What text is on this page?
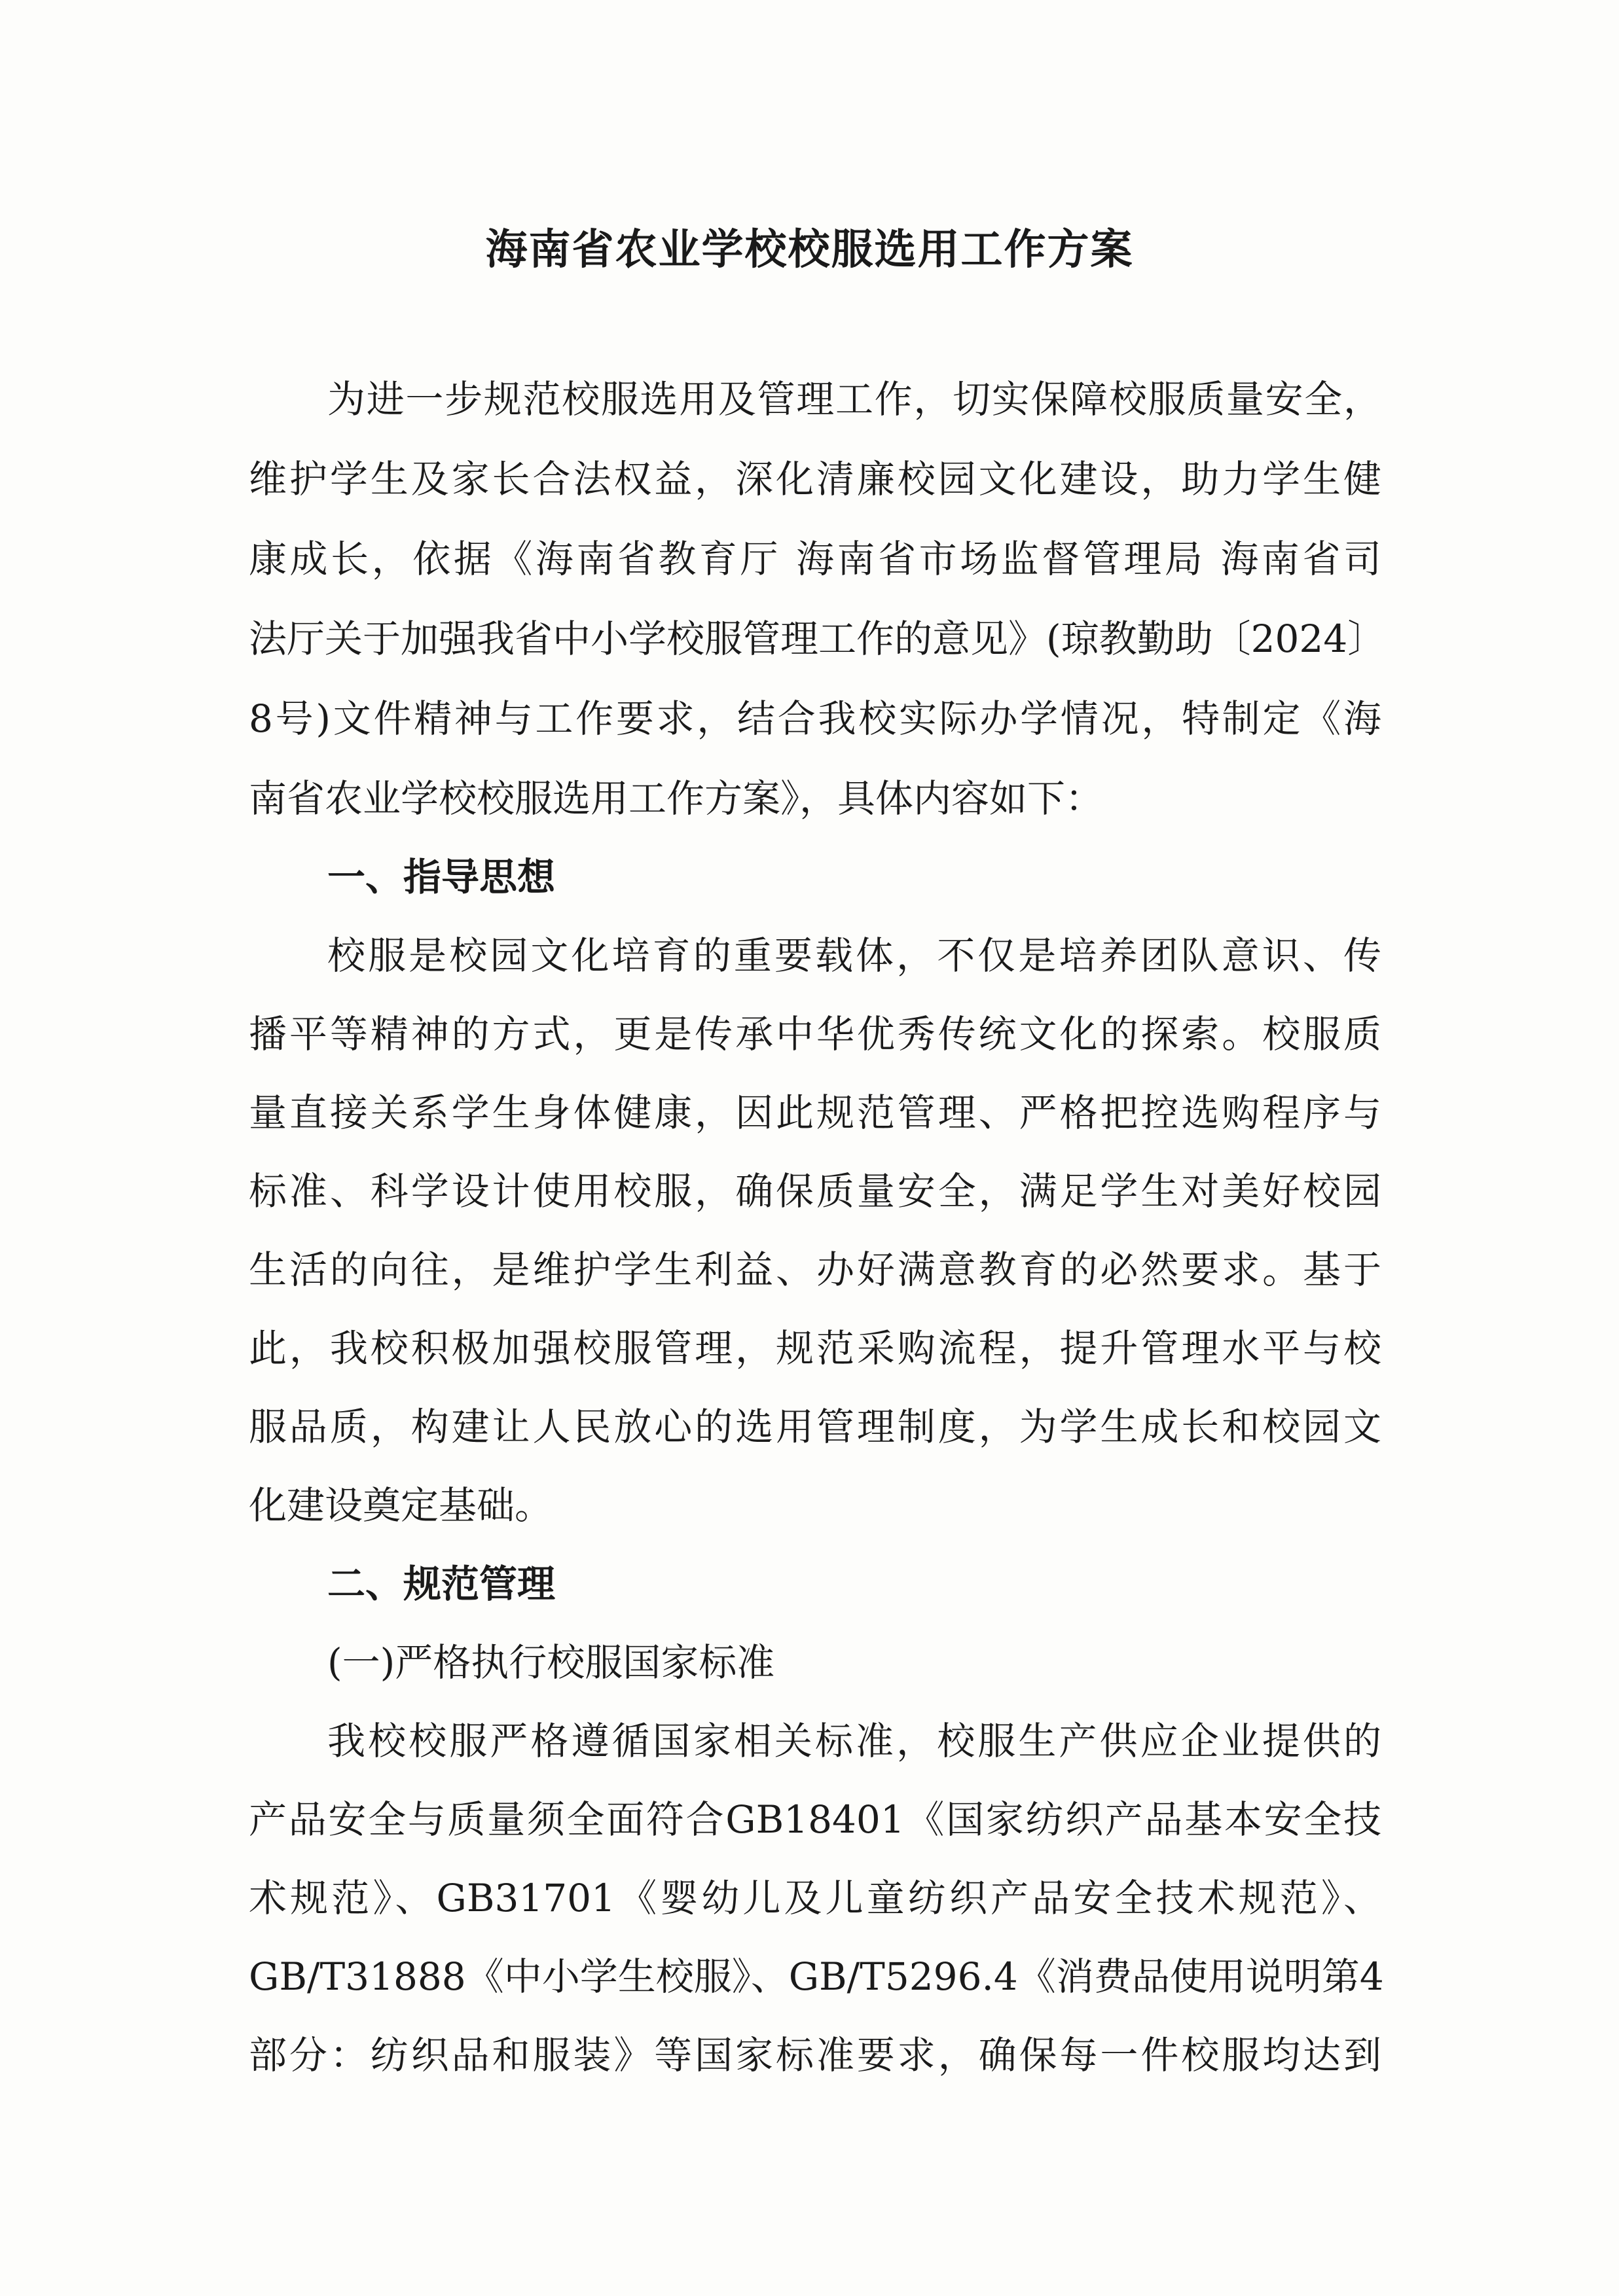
海南省农业学校校服选用工作方案
为进一步规范校服选用及管理工作，切实保障校服质量安全，
维护学生及家长合法权益，深化清廉校园文化建设，助力学生健
康成长，依据《海南省教育厅 海南省市场监督管理局 海南省司
法厅关于加强我省中小学校服管理工作的意见》(琼教勤助〔2024〕
8号)文件精神与工作要求，结合我校实际办学情况，特制定《海
南省农业学校校服选用工作方案》，具体内容如下：
一、指导思想
校服是校园文化培育的重要载体，不仅是培养团队意识、传
播平等精神的方式，更是传承中华优秀传统文化的探索。校服质
量直接关系学生身体健康，因此规范管理、严格把控选购程序与
标准、科学设计使用校服，确保质量安全，满足学生对美好校园
生活的向往，是维护学生利益、办好满意教育的必然要求。基于
此，我校积极加强校服管理，规范采购流程，提升管理水平与校
服品质，构建让人民放心的选用管理制度，为学生成长和校园文
化建设奠定基础。
二、规范管理
(一)严格执行校服国家标准
我校校服严格遵循国家相关标准，校服生产供应企业提供的
产品安全与质量须全面符合GB18401《国家纺织产品基本安全技
术规范》、GB31701《婴幼儿及儿童纺织产品安全技术规范》、
GB/T31888《中小学生校服》、GB/T5296.4《消费品使用说明第4
部分：纺织品和服装》等国家标准要求，确保每一件校服均达到
